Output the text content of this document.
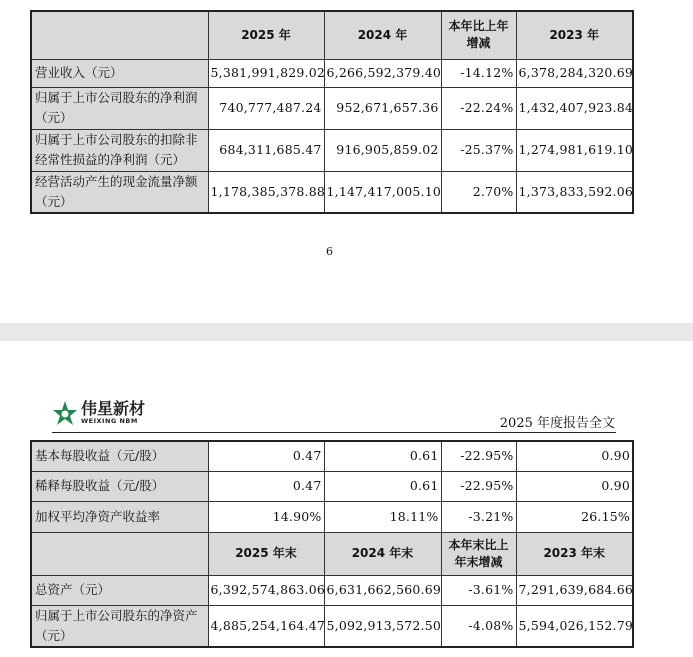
	2025 年	2024 年	本年比上年增减	2023 年
营业收入（元）	5,381,991,829.02	6,266,592,379.40	-14.12%	6,378,284,320.69
归属于上市公司股东的净利润（元）	740,777,487.24	952,671,657.36	-22.24%	1,432,407,923.84
归属于上市公司股东的扣除非经常性损益的净利润（元）	684,311,685.47	916,905,859.02	-25.37%	1,274,981,619.10
经营活动产生的现金流量净额（元）	1,178,385,378.88	1,147,417,005.10	2.70%	1,373,833,592.06
6
伟星新材
WEIXING NBM	2025 年度报告全文
基本每股收益（元/股）	0.47	0.61	-22.95%	0.90
稀释每股收益（元/股）	0.47	0.61	-22.95%	0.90
加权平均净资产收益率	14.90%	18.11%	-3.21%	26.15%
	2025 年末	2024 年末	本年末比上年末增减	2023 年末
总资产（元）	6,392,574,863.06	6,631,662,560.69	-3.61%	7,291,639,684.66
归属于上市公司股东的净资产（元）	4,885,254,164.47	5,092,913,572.50	-4.08%	5,594,026,152.79
